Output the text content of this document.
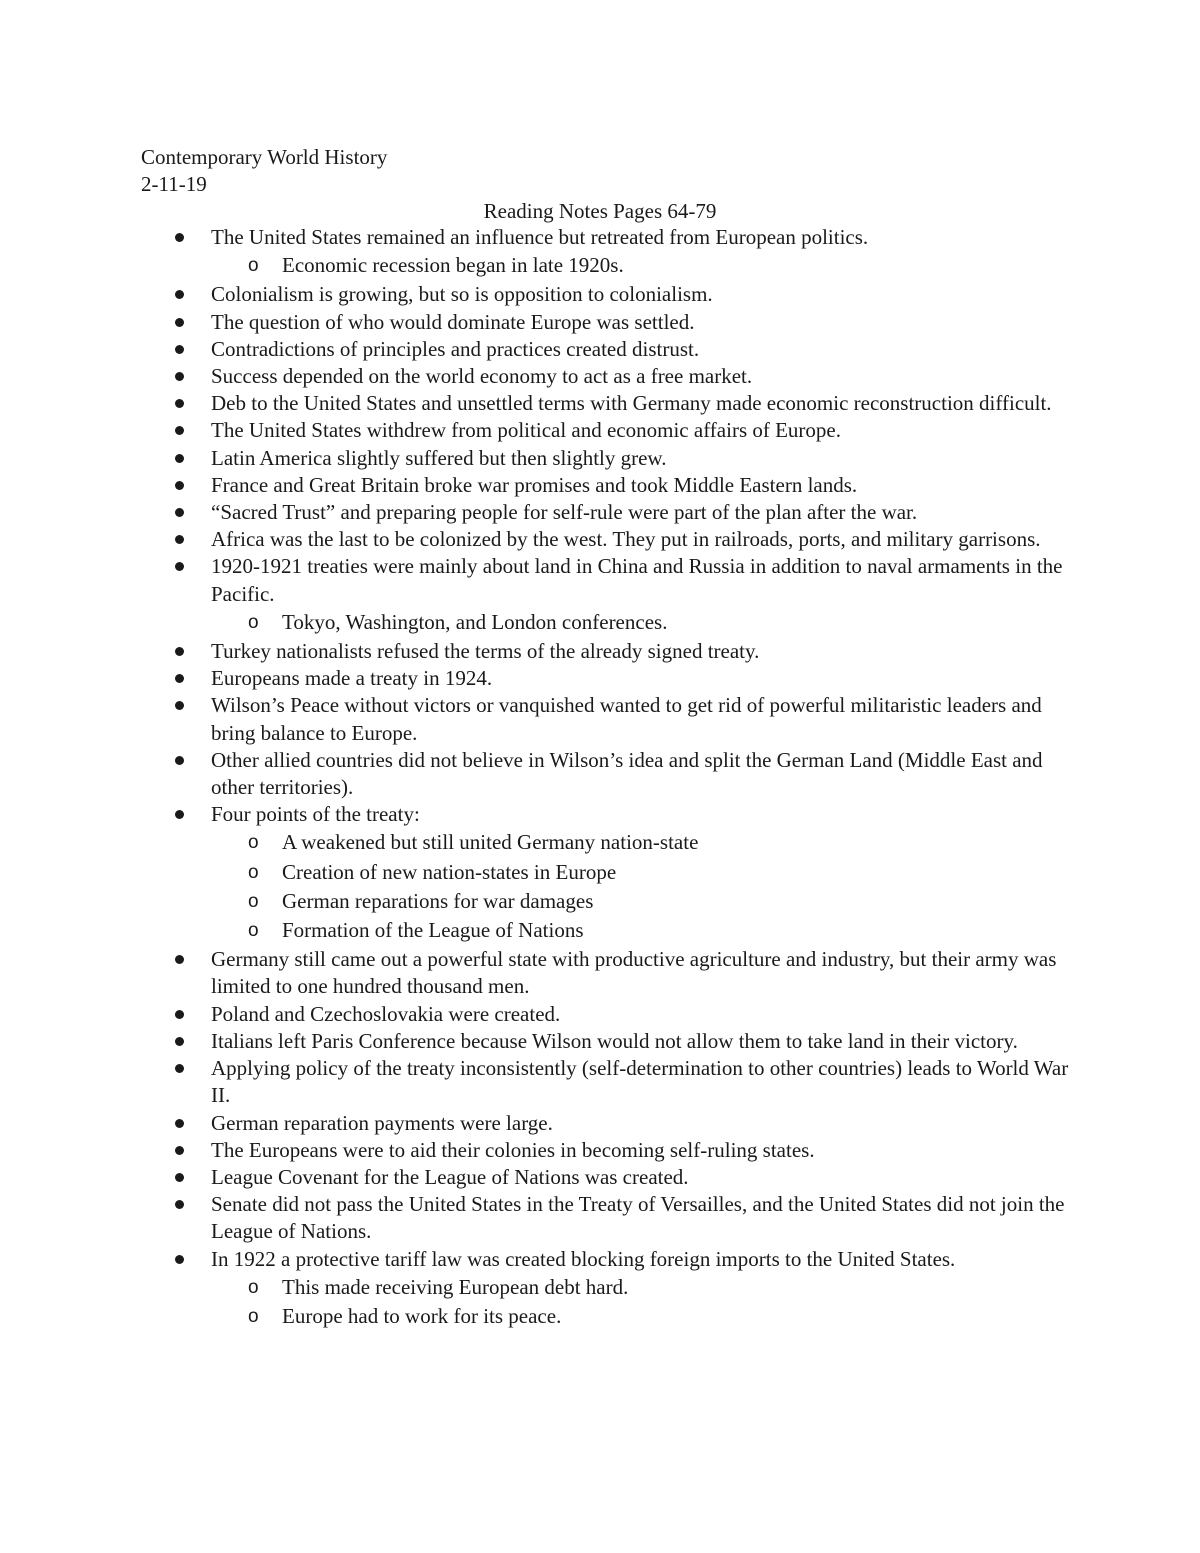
Contemporary World History
2-11-19
Reading Notes Pages 64-79
The United States remained an influence but retreated from European politics.
o	Economic recession began in late 1920s.
Colonialism is growing, but so is opposition to colonialism.
The question of who would dominate Europe was settled.
Contradictions of principles and practices created distrust.
Success depended on the world economy to act as a free market.
Deb to the United States and unsettled terms with Germany made economic reconstruction difficult.
The United States withdrew from political and economic affairs of Europe.
Latin America slightly suffered but then slightly grew.
France and Great Britain broke war promises and took Middle Eastern lands.
“Sacred Trust” and preparing people for self-rule were part of the plan after the war.
Africa was the last to be colonized by the west. They put in railroads, ports, and military garrisons.
1920-1921 treaties were mainly about land in China and Russia in addition to naval armaments in the Pacific.
o	Tokyo, Washington, and London conferences.
Turkey nationalists refused the terms of the already signed treaty.
Europeans made a treaty in 1924.
Wilson’s Peace without victors or vanquished wanted to get rid of powerful militaristic leaders and bring balance to Europe.
Other allied countries did not believe in Wilson’s idea and split the German Land (Middle East and other territories).
Four points of the treaty:
o	A weakened but still united Germany nation-state
o	Creation of new nation-states in Europe
o	German reparations for war damages
o	Formation of the League of Nations
Germany still came out a powerful state with productive agriculture and industry, but their army was limited to one hundred thousand men.
Poland and Czechoslovakia were created.
Italians left Paris Conference because Wilson would not allow them to take land in their victory.
Applying policy of the treaty inconsistently (self-determination to other countries) leads to World War II.
German reparation payments were large.
The Europeans were to aid their colonies in becoming self-ruling states.
League Covenant for the League of Nations was created.
Senate did not pass the United States in the Treaty of Versailles, and the United States did not join the League of Nations.
In 1922 a protective tariff law was created blocking foreign imports to the United States.
o	This made receiving European debt hard.
o	Europe had to work for its peace.
